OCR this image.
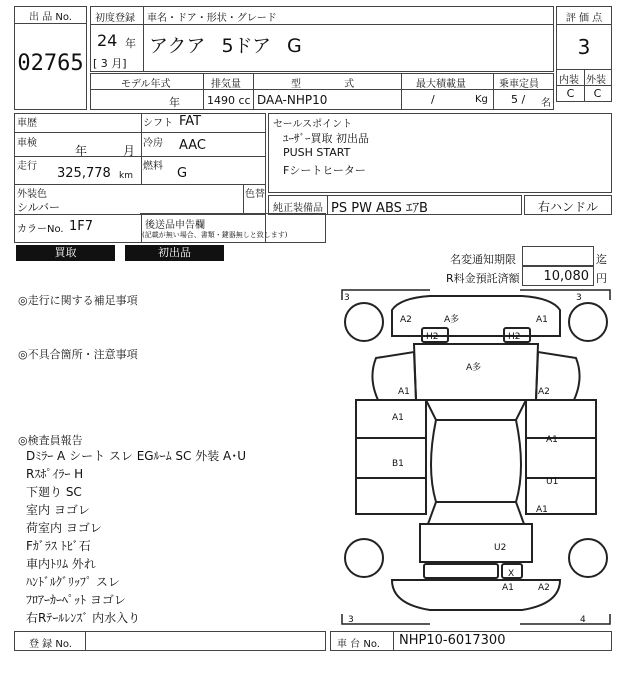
出 品 No.
02765
初度登録 車名・ドア・形状・グレード
24 年
[ 3 月]
アクア 5ドア G
評 価 点
3
内装 外装
C	C
モデル年式	排気量	型 式	最大積載量	乗車定員
年 1490 cc DAA-NHP10	/	Kg 5 / 名
車歴	シフト FAT
車検
年	月
冷房 AAC
走行 325,778 km
燃料 G
外装色
シルバー
色替
カラーNo. 1F7	後送品申告欄
(記載が無い場合、書類・鍵器無しと致します)
セールスポイント
ﾕｰｻﾞｰ買取 初出品
PUSH START
Fシートヒーター
純正装備品 PS PW ABS ｴｱB	右ハンドル
買取	初出品
名変通知期限	迄
R料金預託済額	10,080 円
◎走行に関する補足事項
◎不具合箇所・注意事項
◎検査員報告
Dﾐﾗｰ A シート スレ EGﾙｰﾑ SC 外装 A･U
Rｽﾎﾟｲﾗｰ H
下廻り SC
室内 ヨゴレ
荷室内 ヨゴレ
Fｶﾞﾗｽ ﾄﾋﾞ石
車内ﾄﾘﾑ 外れ
ﾊﾝﾄﾞﾙｸﾞﾘｯﾌﾟ スレ
ﾌﾛｱｰｶｰﾍﾟｯﾄ ヨゴレ
右Rﾃｰﾙﾚﾝｽﾞ 内水入り
3	3
3	4
A2	A多	A1
H2	H2
A多
A1	A2
A1
A1
B1
U1
A1
U2
X
A1	A2
登 録 No.	車 台 No. NHP10-6017300
